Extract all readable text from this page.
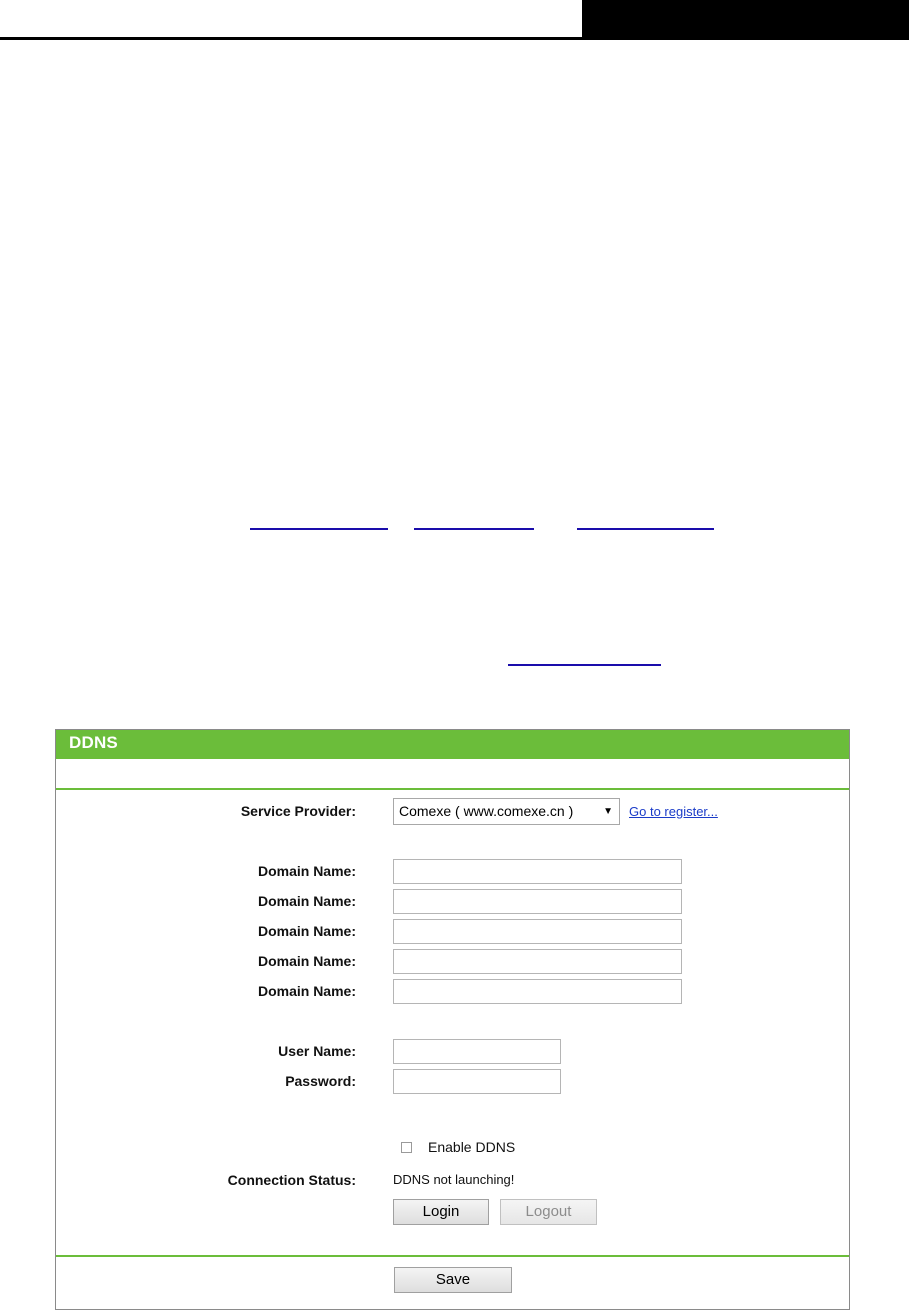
DDNS
Service Provider:	Comexe ( www.comexe.cn )	▼ Go to register...
Domain Name:
Domain Name:
Domain Name:
Domain Name:
Domain Name:
User Name:
Password:
Enable DDNS
Connection Status:	DDNS not launching!
Login	Logout
Save
